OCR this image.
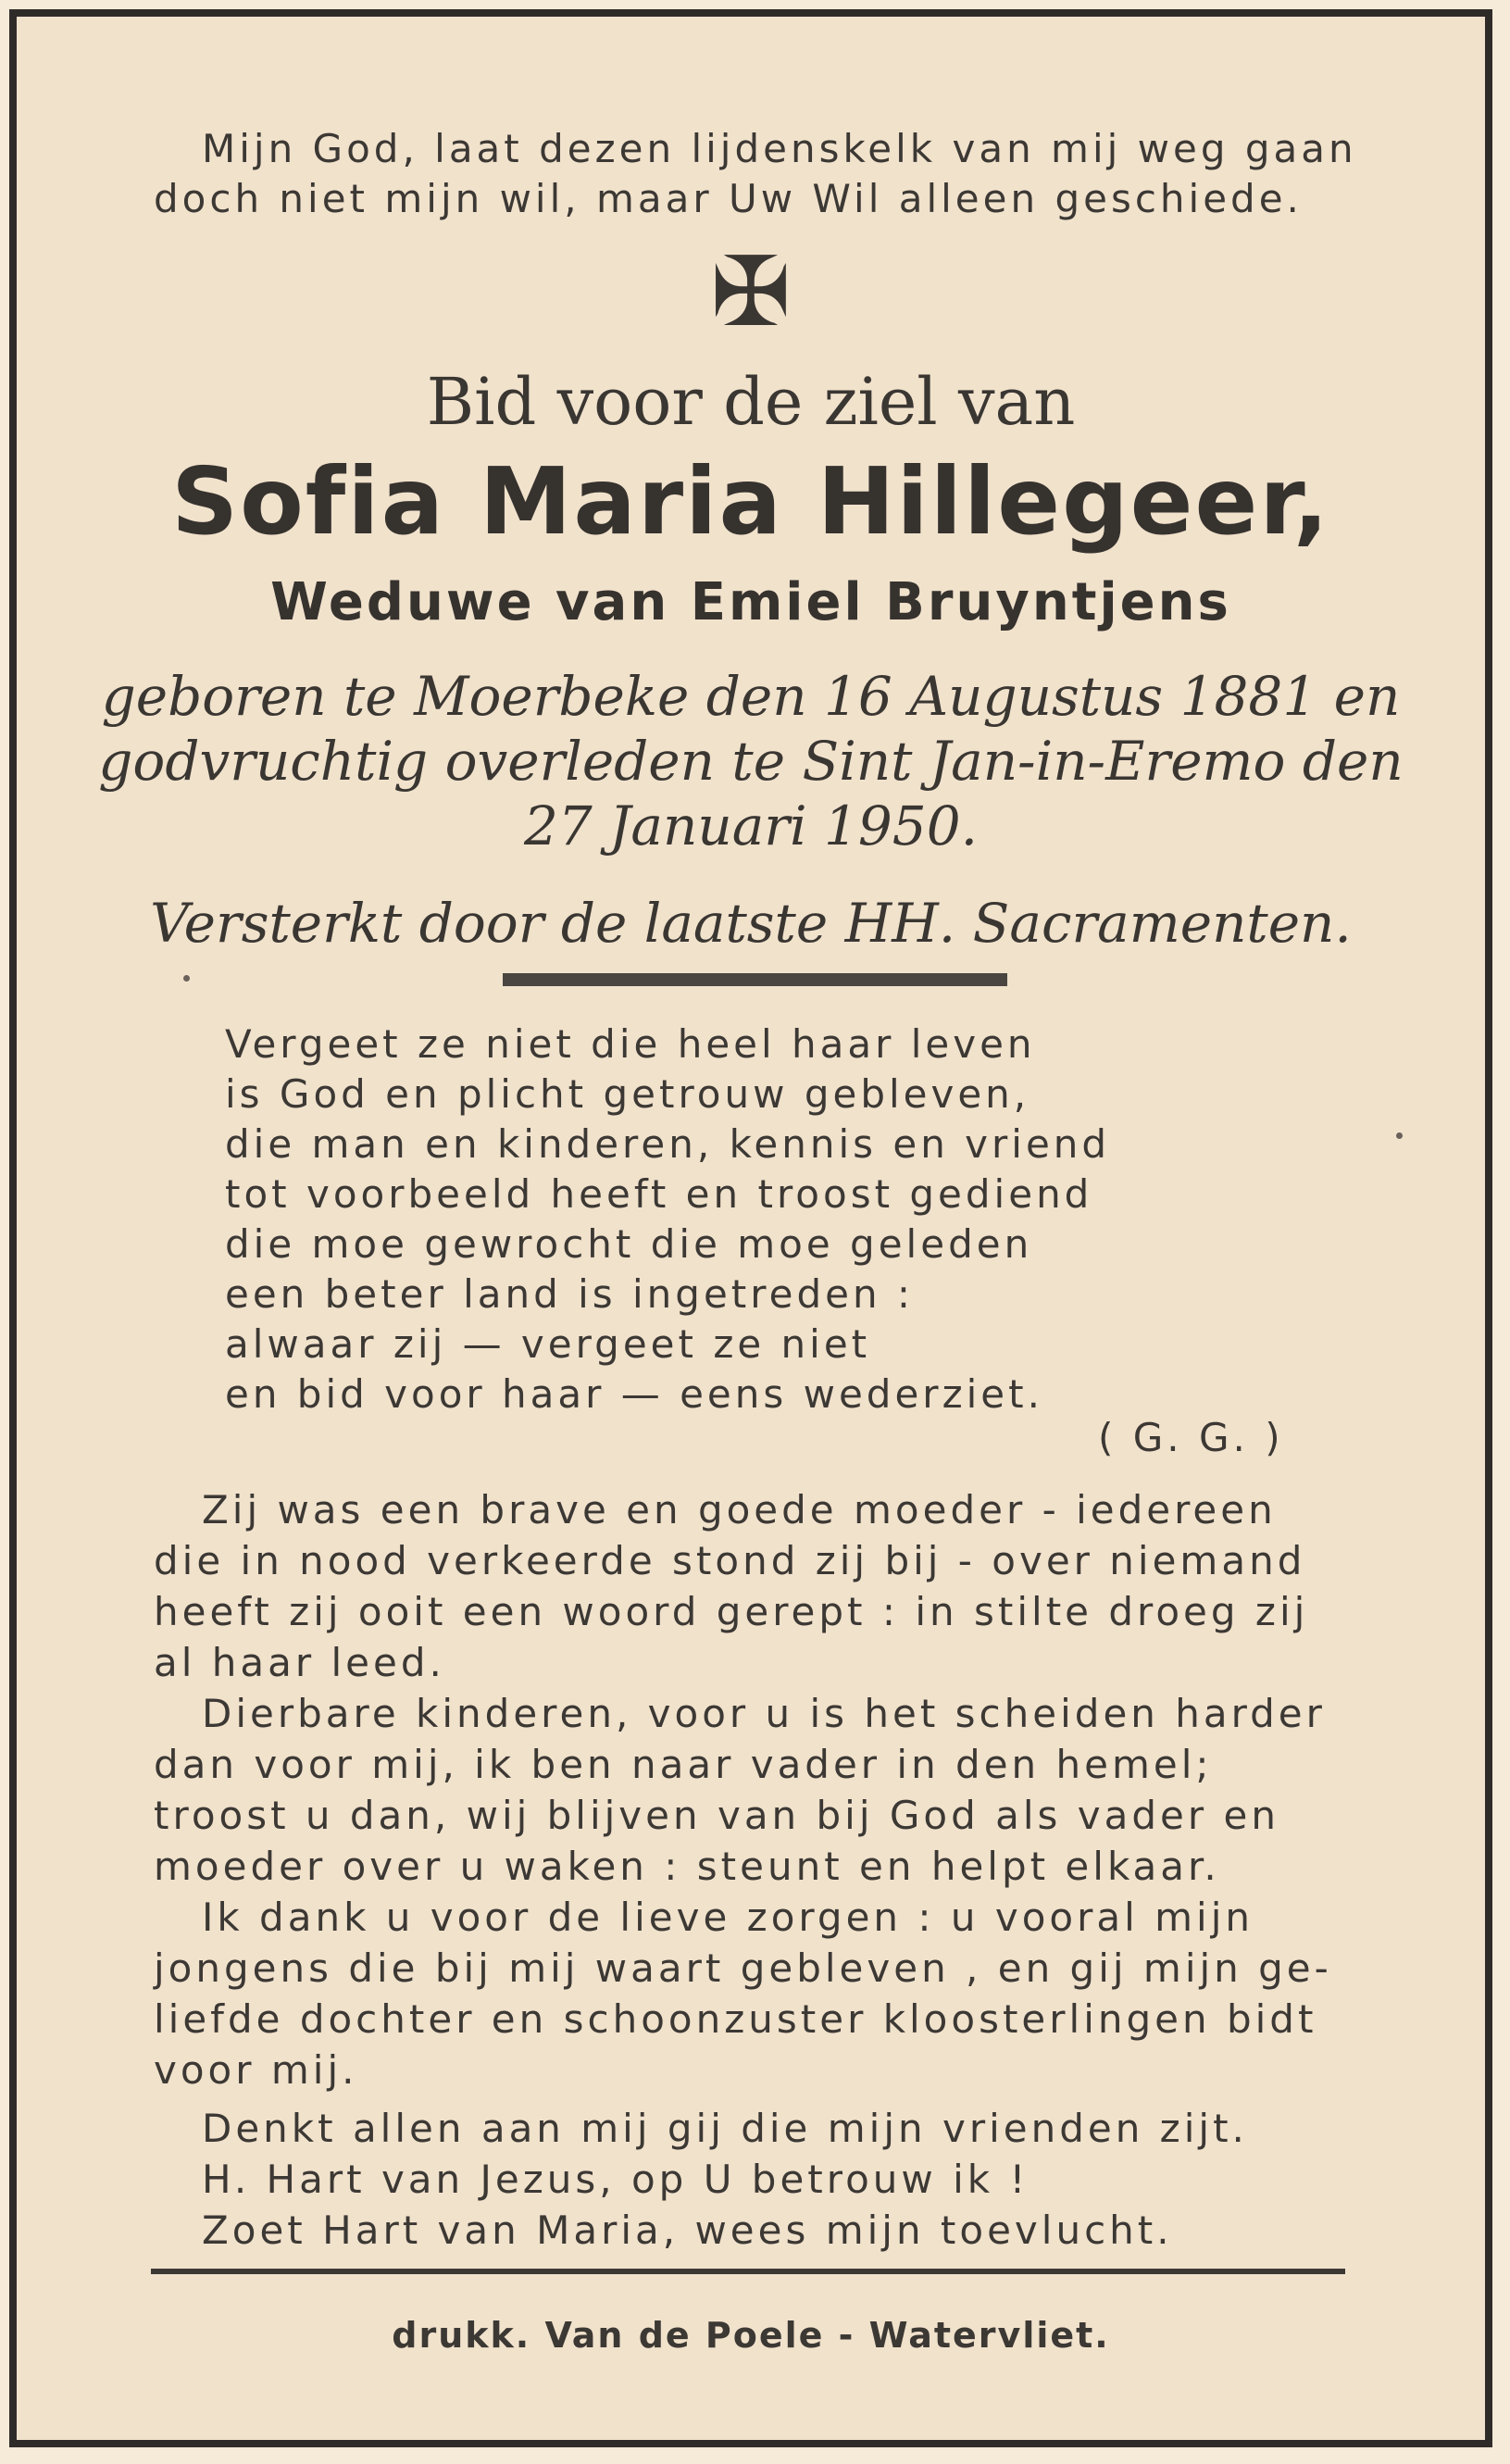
Mijn God, laat dezen lijdenskelk van mij weg gaan
doch niet mijn wil, maar Uw Wil alleen geschiede.
✠
Bid voor de ziel van
Sofia Maria Hillegeer,
Weduwe van Emiel Bruyntjens
geboren te Moerbeke den 16 Augustus 1881 en
godvruchtig overleden te Sint Jan-in-Eremo den
27 Januari 1950.
Versterkt door de laatste HH. Sacramenten.
Vergeet ze niet die heel haar leven
is God en plicht getrouw gebleven,
die man en kinderen, kennis en vriend
tot voorbeeld heeft en troost gediend
die moe gewrocht die moe geleden
een beter land is ingetreden :
alwaar zij — vergeet ze niet
en bid voor haar — eens wederziet.
( G. G. )
Zij was een brave en goede moeder - iedereen
die in nood verkeerde stond zij bij - over niemand
heeft zij ooit een woord gerept : in stilte droeg zij
al haar leed.
Dierbare kinderen, voor u is het scheiden harder
dan voor mij, ik ben naar vader in den hemel;
troost u dan, wij blijven van bij God als vader en
moeder over u waken : steunt en helpt elkaar.
Ik dank u voor de lieve zorgen : u vooral mijn
jongens die bij mij waart gebleven , en gij mijn ge-
liefde dochter en schoonzuster kloosterlingen bidt
voor mij.
Denkt allen aan mij gij die mijn vrienden zijt.
H. Hart van Jezus, op U betrouw ik !
Zoet Hart van Maria, wees mijn toevlucht.
drukk. Van de Poele - Watervliet.
